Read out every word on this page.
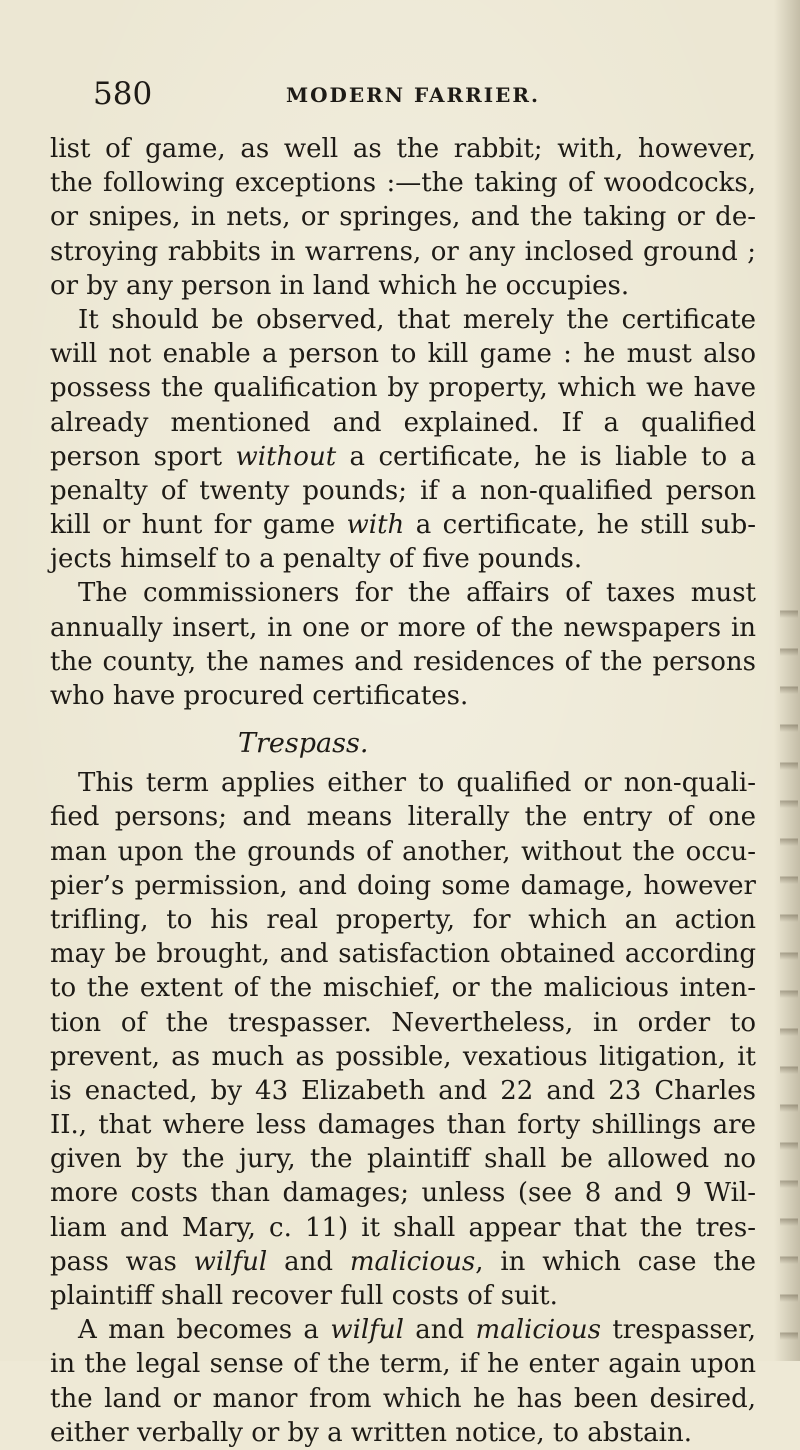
580	MODERN FARRIER.
list of game, as well as the rabbit; with, however,
the following exceptions :—the taking of woodcocks,
or snipes, in nets, or springes, and the taking or de-
stroying rabbits in warrens, or any inclosed ground ;
or by any person in land which he occupies.
It should be observed, that merely the certificate
will not enable a person to kill game : he must also
possess the qualification by property, which we have
already mentioned and explained. If a qualified
person sport without a certificate, he is liable to a
penalty of twenty pounds; if a non-qualified person
kill or hunt for game with a certificate, he still sub-
jects himself to a penalty of five pounds.
The commissioners for the affairs of taxes must
annually insert, in one or more of the newspapers in
the county, the names and residences of the persons
who have procured certificates.
Trespass.
This term applies either to qualified or non-quali-
fied persons; and means literally the entry of one
man upon the grounds of another, without the occu-
pier’s permission, and doing some damage, however
trifling, to his real property, for which an action
may be brought, and satisfaction obtained according
to the extent of the mischief, or the malicious inten-
tion of the trespasser. Nevertheless, in order to
prevent, as much as possible, vexatious litigation, it
is enacted, by 43 Elizabeth and 22 and 23 Charles
II., that where less damages than forty shillings are
given by the jury, the plaintiff shall be allowed no
more costs than damages; unless (see 8 and 9 Wil-
liam and Mary, c. 11) it shall appear that the tres-
pass was wilful and malicious, in which case the
plaintiff shall recover full costs of suit.
A man becomes a wilful and malicious trespasser,
in the legal sense of the term, if he enter again upon
the land or manor from which he has been desired,
either verbally or by a written notice, to abstain.
